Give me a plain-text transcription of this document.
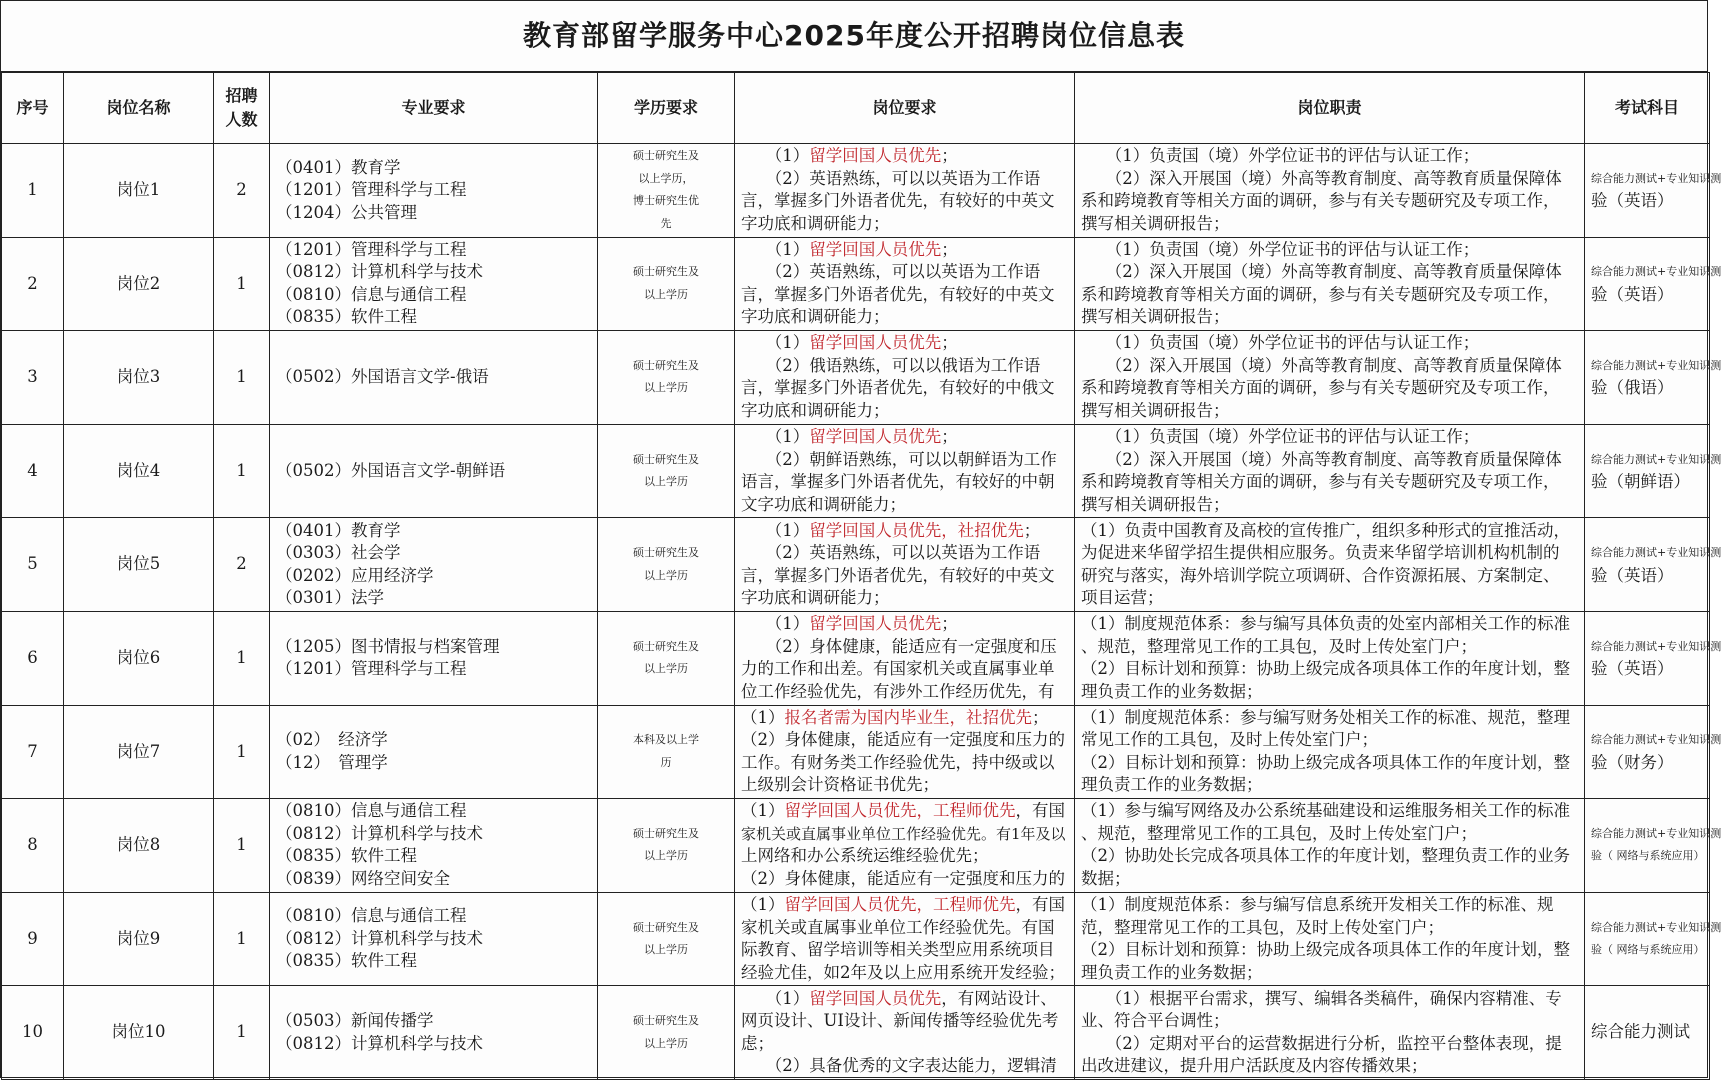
教育部留学服务中心2025年度公开招聘岗位信息表
序号	岗位名称	招聘人数	专业要求	学历要求	岗位要求	岗位职责	考试科目
1	岗位1	2	（0401）教育学
（1201）管理科学与工程
（1204）公共管理	硕士研究生及
以上学历，
博士研究生优
先	（1）留学回国人员优先；
（2）英语熟练，可以以英语为工作语
言，掌握多门外语者优先，有较好的中英文
字功底和调研能力；	（1）负责国（境）外学位证书的评估与认证工作；
（2）深入开展国（境）外高等教育制度、高等教育质量保障体
系和跨境教育等相关方面的调研，参与有关专题研究及专项工作，
撰写相关调研报告；	综合能力测试+专业知识测
验（英语）

2	岗位2	1	（1201）管理科学与工程
（0812）计算机科学与技术
（0810）信息与通信工程
（0835）软件工程	硕士研究生及
以上学历	（1）留学回国人员优先；
（2）英语熟练，可以以英语为工作语
言，掌握多门外语者优先，有较好的中英文
字功底和调研能力；	（1）负责国（境）外学位证书的评估与认证工作；
（2）深入开展国（境）外高等教育制度、高等教育质量保障体
系和跨境教育等相关方面的调研，参与有关专题研究及专项工作，
撰写相关调研报告；	综合能力测试+专业知识测
验（英语）

3	岗位3	1	（0502）外国语言文学-俄语	硕士研究生及
以上学历	（1）留学回国人员优先；
（2）俄语熟练，可以以俄语为工作语
言，掌握多门外语者优先，有较好的中俄文
字功底和调研能力；	（1）负责国（境）外学位证书的评估与认证工作；
（2）深入开展国（境）外高等教育制度、高等教育质量保障体
系和跨境教育等相关方面的调研，参与有关专题研究及专项工作，
撰写相关调研报告；	综合能力测试+专业知识测
验（俄语）

4	岗位4	1	（0502）外国语言文学-朝鲜语	硕士研究生及
以上学历	（1）留学回国人员优先；
（2）朝鲜语熟练，可以以朝鲜语为工作
语言，掌握多门外语者优先，有较好的中朝
文字功底和调研能力；	（1）负责国（境）外学位证书的评估与认证工作；
（2）深入开展国（境）外高等教育制度、高等教育质量保障体
系和跨境教育等相关方面的调研，参与有关专题研究及专项工作，
撰写相关调研报告；	综合能力测试+专业知识测
验（朝鲜语）

5	岗位5	2	（0401）教育学
（0303）社会学
（0202）应用经济学
（0301）法学	硕士研究生及
以上学历	（1）留学回国人员优先，社招优先；
（2）英语熟练，可以以英语为工作语
言，掌握多门外语者优先，有较好的中英文
字功底和调研能力；	（1）负责中国教育及高校的宣传推广，组织多种形式的宣推活动，
为促进来华留学招生提供相应服务。负责来华留学培训机构机制的
研究与落实，海外培训学院立项调研、合作资源拓展、方案制定、
项目运营；	综合能力测试+专业知识测
验（英语）

6	岗位6	1	（1205）图书情报与档案管理
（1201）管理科学与工程	硕士研究生及
以上学历	（1）留学回国人员优先；
（2）身体健康，能适应有一定强度和压
力的工作和出差。有国家机关或直属事业单
位工作经验优先，有涉外工作经历优先，有	（1）制度规范体系：参与编写具体负责的处室内部相关工作的标准
、规范，整理常见工作的工具包，及时上传处室门户；
（2）目标计划和预算：协助上级完成各项具体工作的年度计划，整
理负责工作的业务数据；	综合能力测试+专业知识测
验（英语）

7	岗位7	1	（02）　经济学
（12）　管理学	本科及以上学
历	（1）报名者需为国内毕业生，社招优先；
（2）身体健康，能适应有一定强度和压力的
工作。有财务类工作经验优先，持中级或以
上级别会计资格证书优先；	（1）制度规范体系：参与编写财务处相关工作的标准、规范，整理
常见工作的工具包，及时上传处室门户；
（2）目标计划和预算：协助上级完成各项具体工作的年度计划，整
理负责工作的业务数据；	综合能力测试+专业知识测
验（财务）

8	岗位8	1	（0810）信息与通信工程
（0812）计算机科学与技术
（0835）软件工程
（0839）网络空间安全	硕士研究生及
以上学历	（1）留学回国人员优先，工程师优先，有国
家机关或直属事业单位工作经验优先。有1年及以
上网络和办公系统运维经验优先；
（2）身体健康，能适应有一定强度和压力的	（1）参与编写网络及办公系统基础建设和运维服务相关工作的标准
、规范，整理常见工作的工具包，及时上传处室门户；
（2）协助处长完成各项具体工作的年度计划，整理负责工作的业务
数据；	综合能力测试+专业知识测
验（ 网络与系统应用）

9	岗位9	1	（0810）信息与通信工程
（0812）计算机科学与技术
（0835）软件工程	硕士研究生及
以上学历	（1）留学回国人员优先，工程师优先，有国
家机关或直属事业单位工作经验优先。有国
际教育、留学培训等相关类型应用系统项目
经验尤佳，如2年及以上应用系统开发经验；	（1）制度规范体系：参与编写信息系统开发相关工作的标准、规
范，整理常见工作的工具包，及时上传处室门户；
（2）目标计划和预算：协助上级完成各项具体工作的年度计划，整
理负责工作的业务数据；	综合能力测试+专业知识测
验（ 网络与系统应用）

10	岗位10	1	（0503）新闻传播学
（0812）计算机科学与技术	硕士研究生及
以上学历	（1）留学回国人员优先，有网站设计、
网页设计、UI设计、新闻传播等经验优先考
虑；
（2）具备优秀的文字表达能力，逻辑清	（1）根据平台需求，撰写、编辑各类稿件，确保内容精准、专
业、符合平台调性；
（2）定期对平台的运营数据进行分析，监控平台整体表现，提
出改进建议，提升用户活跃度及内容传播效果；	综合能力测试
